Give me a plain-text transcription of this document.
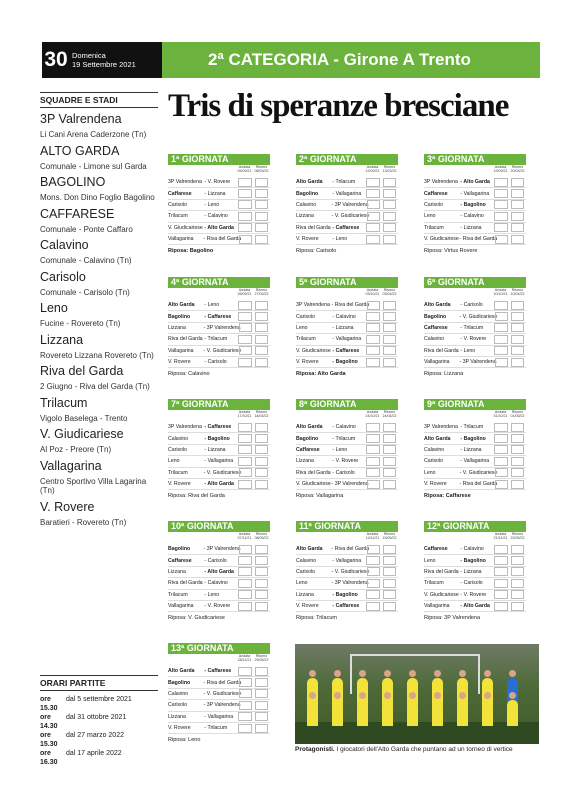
30 Domenica
19 Settembre 2021	2ª CATEGORIA - Girone A Trento
SQUADRE E STADI
3P Valrendena
Li Cani Arena Caderzone (Tn)
ALTO GARDA
Comunale - Limone sul Garda
BAGOLINO
Mons. Don Dino Foglio Bagolino
CAFFARESE
Comunale - Ponte Caffaro
Calavino
Comunale - Calavino (Tn)
Carisolo
Comunale - Carisolo (Tn)
Leno
Fucine - Rovereto (Tn)
Lizzana
Rovereto Lizzana Rovereto (Tn)
Riva del Garda
2 Giugno - Riva del Garda (Tn)
Trilacum
Vigolo Baselega - Trento
V. Giudicariese
Al Poz - Preore (Tn)
Vallagarina
Centro Sportivo Villa Lagarina (Tn)
V. Rovere
Baratieri - Rovereto (Tn)
ORARI PARTITE
ore 15.30
dal 5 settembre 2021
ore 14.30
dal 31 ottobre 2021
ore 15.30
dal 27 marzo 2022
ore 16.30
dal 17 aprile 2022
Tris di speranze bresciane
1ª GIORNATA
Andata 05/09/21
Ritorno 06/03/22
3P Valrendena - V. Rovere
Caffarese	- Lizzana
Carisolo	- Leno
Trilacum	- Calavino
V. Giudicariese - Alto Garda
Vallagarina	- Riva del Garda
Riposa: Bagolino
2ª GIORNATA
Andata 12/09/21
Ritorno 13/03/22
Alto Garda	- Trilacum
Bagolino	- Vallagarina
Calavino	- 3P Valrendena
Lizzana	- V. Giudicariese
Riva del Garda - Caffarese
V. Rovere	- Leno
Riposa: Carisolo
3ª GIORNATA
Andata 19/09/21
Ritorno 20/03/22
3P Valrendena - Alto Garda
Caffarese	- Vallagarina
Carisolo	- Bagolino
Leno	- Calavino
Trilacum	- Lizzana
V. Giudicariese - Riva del Garda
Riposa: Virtus Rovere
4ª GIORNATA
Andata 26/09/21
Ritorno 27/03/22
Alto Garda	- Leno
Bagolino	- Caffarese
Lizzana	- 3P Valrendena
Riva del Garda - Trilacum
Vallagarina	- V. Giudicariese
V. Rovere	- Carisolo
Riposa: Calavino
5ª GIORNATA
Andata 03/10/21
Ritorno 03/04/22
3P Valrendena - Riva del Garda
Carisolo	- Calavino
Leno	- Lizzana
Trilacum	- Vallagarina
V. Giudicariese - Caffarese
V. Rovere	- Bagolino
Riposa: Alto Garda
6ª GIORNATA
Andata 10/10/21
Ritorno 10/04/22
Alto Garda	- Carisolo
Bagolino	- V. Giudicariese
Caffarese	- Trilacum
Calavino	- V. Rovere
Riva del Garda - Leno
Vallagarina	- 3P Valrendena
Riposa: Lizzana
7ª GIORNATA
Andata 17/10/21
Ritorno 18/04/22
3P Valrendena - Caffarese
Calavino	- Bagolino
Carisolo	- Lizzana
Leno	- Vallagarina
Trilacum	- V. Giudicariese
V. Rovere	- Alto Garda
Riposa: Riva del Garda
8ª GIORNATA
Andata 24/10/21
Ritorno 24/04/22
Alto Garda	- Calavino
Bagolino	- Trilacum
Caffarese	- Leno
Lizzana	- V. Rovere
Riva del Garda - Carisolo
V. Giudicariese - 3P Valrendena
Riposa: Vallagarina
9ª GIORNATA
Andata 31/10/21
Ritorno 01/05/22
3P Valrendena - Trilacum
Alto Garda	- Bagolino
Calavino	- Lizzana
Carisolo	- Vallagarina
Leno	- V. Giudicariese
V. Rovere	- Riva del Garda
Riposa: Caffarese
10ª GIORNATA
Andata 07/11/21
Ritorno 08/05/22
Bagolino	- 3P Valrendena
Caffarese	- Carisolo
Lizzana	- Alto Garda
Riva del Garda - Calavino
Trilacum	- Leno
Vallagarina	- V. Rovere
Riposa: V. Giudicariese
11ª GIORNATA
Andata 14/11/21
Ritorno 15/05/22
Alto Garda	- Riva del Garda
Calavino	- Vallagarina
Carisolo	- V. Giudicariese
Leno	- 3P Valrendena
Lizzana	- Bagolino
V. Rovere	- Caffarese
Riposa: Trilacum
12ª GIORNATA
Andata 21/11/21
Ritorno 22/05/22
Caffarese	- Calavino
Leno	- Bagolino
Riva del Garda - Lizzana
Trilacum	- Carisolo
V. Giudicariese - V. Rovere
Vallagarina	- Alto Garda
Riposa: 3P Valrendena
13ª GIORNATA
Andata 28/11/21
Ritorno 29/05/22
Alto Garda	- Caffarese
Bagolino	- Riva del Garda
Calavino	- V. Giudicariese
Carisolo	- 3P Valrendena
Lizzana	- Vallagarina
V. Rovere	- Trilacum
Riposa: Leno
Protagonisti. I giocatori dell'Alto Garda che puntano ad un torneo di vertice
